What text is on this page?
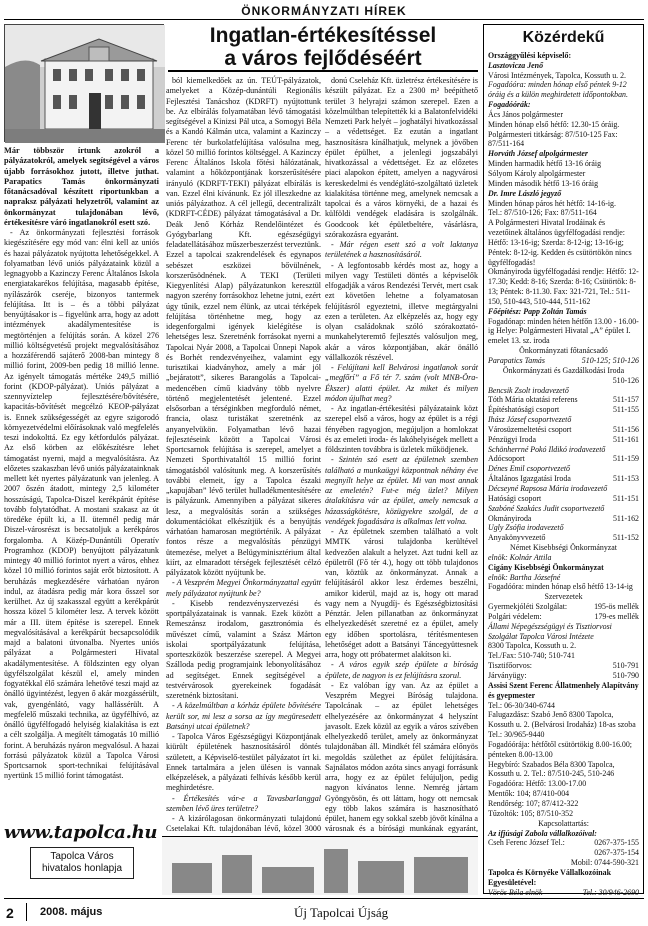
ÖNKORMÁNYZATI HÍREK
Ingatlan-értékesítéssel
a város fejlődéséért

Már többször írtunk azokról a pályázatokról, amelyek segítségével a város újabb forrásokhoz jutott, illetve juthat. Parapatics Tamás önkormányzati főtanácsadóval készített riportunkban a napraksz pályázati helyzetről, valamint az önkormányzat tulajdonában lévő, értékesítésre váró ingatlanokról esett szó.

- Az önkormányzati fejlesztési források kiegészítésére egy mód van: élni kell az uniós és hazai pályázatok nyújtotta lehetőségekkel. A folyamatban lévő uniós pályázataink közül a legnagyobb a Kazinczy Ferenc Általános Iskola energiatakarékos felújítása, magasabb építése, nyílászárók cseréje, bizonyos tantermek felújítása. Itt is – és a többi pályázat benyújtásakor is – figyelünk arra, hogy az adott intézmények akadálymentesítése is megtörténjen a felújítás során. A közel 276 millió költségvetésű projekt megvalósításához a hozzáférendő sajáterő 2008-ban mintegy 8 millió forint, 2009-ben pedig 18 millió lenne. Az igényelt támogatás mértéke 249,5 millió forint (KDOP-pályázat). Uniós pályázat a szennyvíztelep fejlesztésére/bővítésére, kapacitás-bővítését megcélzó KEOP-pályázat is. Ennek szükségességét az egyre szigorodó környezetvédelmi előírásoknak való megfelelés teszi indokolttá. Ez egy kétfordulós pályázat. Az első körben az előkészítésre lehet támogatást nyerni, majd a megvalósításra. Az előzetes szakaszban lévő uniós pályázatainknak mellett két nyertes pályázatunk van jelenleg. A 2007 őszén átadott, mintegy 2,5 kilométer hosszúságú, Tapolca-Diszel kerékpárút építése tovább folytatódhat. A mostani szakasz az út töredéke épült ki, a II. ütemnél pedig már Diszel-városrészt is becsatoljuk a kerékpáros forgalomba. A Közép-Dunántúli Operatív Programhoz (KDOP) benyújtott pályázatunk mintegy 40 millió forintot nyert a város, ehhez közel 10 millió forintos saját erőt biztosított. A beruházás megkezdésére várhatóan nyáron indul, az átadásra pedig már kora ősszel sor kerülhet. Az új szakasszal együtt a kerékpárút hossza közel 5 kilométer lesz. A tervek között már a III. ütem építése is szerepel. Ennek megvalósításával a kerékpárút becsapcsolódik majd a balatoni útvonalba. Nyertes uniós pályázat a Polgármesteri Hivatal akadálymentesítése. A földszinten egy olyan ügyfélszolgálat készül el, amely minden fogyatékkal élő számára lehetővé teszi majd az önálló ügyintézést, legyen ő akár mozgássérült, vak, gyengénlátó, vagy hallássérült. A megfelelő műszaki technika, az ügyfélhívó, az önálló ügyfélfogadó helyiség kialakítása is ezt a célt szolgálja. A megítélt támogatás 10 millió forint. A beruházás nyáron megvalósul. A hazai forrású pályázatok közül a Tapolca Városi Sportcsarnok sport-technikai felújításával nyertünk 15 millió forint támogatást.

ból kiemelkedőek az ún. TEÚT-pályázatok, amelyeket a Közép-dunántúli Regionális Fejlesztési Tanácshoz (KDRFT) nyújtottunk be. Az elbírálás folyamatában lévő támogatási segítségével a Kinizsi Pál utca, a Somogyi Béla és a Kandó Kálmán utca, valamint a Kazinczy Ferenc tér burkolatfelújítása valósulna meg, közel 50 millió forintos költséggel. A Kazinczy Ferenc Általános Iskola főtési hálózatának, valamint a hőközpontjának korszerűsítésére irányuló (KDRFT-TEKI) pályázat elbírálás is van. Ezzel élni kívánunk. Ez jól illeszkedne az uniós pályázathoz. A cél jellegű, decentralizált (KDRFT-CÉDE) pályázat támogatásával a Dr. Deák Jenő Kórház Rendelőintézet és Gyógybarlang Kft. egészségügyi feladatellátásához műszerbeszerzést terveztünk. Ezzel a tapolcai szakrendelések és egynapos sebészet eszközei bővülnének, korszerűsödnének. A TEKI (Területi Kiegyenlítési Alap) pályázatunkon keresztül nagyon szerény forrásokhoz lehetne jutni, ezért úgy tűnik, ezzel nem élünk, az utcai térképek felújítása történhetne meg, hogy az idegenforgalmi igények kielégítése is lehetséges lesz. Szeretnénk forrásokat nyerni a Tapolcai Nyár 2008, a Tapolcai Ünnepi Napok és Borhét rendezvényeihez, valamint egy turisztikai kiadványhoz, amely a már jól „bejáratott”, sikeres Barangolás a Tapolcai-medencében című kiadvány több nyelvre történő megjelentetését jelentené. Ezzel elsősorban a térséginkben megforduló német, francia, olasz turistákat szeretnénk az anyanyelvükön. Folyamatban lévő hazai fejlesztéseink között a Tapolcai Városi Sportcsarnok felújítása is szerepel, amelyet a Nemzeti Sporthivataltól 15 millió forint támogatásból valósítunk meg. A korszerűsítés további elemeit, így a Tapolca északi „kapujában” lévő terület hulladékmentesítésére is pályázunk. Amennyiben a pályázat sikeres lesz, a megvalósítás során a szükséges dokumentációkat elkészítjük és a benyújtás várhatóan hamarosan megtörténik. A pályázat fontos része a megvalósítás pénzügyi ütemezése, melyet a Belügyminisztérium által kiírt, az elmaradott térségek fejlesztését célzó pályázatok között nyújtunk be.

- A Veszprém Megyei Önkormányzattal együtt mely pályázatot nyújtunk be?

- Kisebb rendezvényszervezési és sportpályázatainak is vannak. Ezek között a Remeszánsz irodalom, gasztronómia és művészet című, valamint a Szász Márton iskolai sportpályázatunk felújítása, sporteszközök beszerzése szerepel. A Megyei Szálloda pedig programjaink lebonyolításához ad segítséget. Ennek segítségével a testvérvárosok gyerekeinek fogadását szeretnénk biztosítani.

- A közelmúltban a kórház épülete bővítésére került sor, mi lesz a sorsa az így megüresedett Batsányi utcai épületnek?

- Tapolca Város Egészségügyi Központjának kiürült épületének hasznosításáról döntés született, a Képviselő-testület pályázatot írt ki. Ennek tartalmára a jelen ülésen is vannak elképzelések, a pályázati felhívás később kerül meghirdetésre.

- Értékesítés vár-e a Tavasbarlanggal szemben lévő üres területre?

- A kizárólagosan önkormányzati tulajdonú Csetelakai Kft. tulajdonában lévő, közel 3000

donú Cseleház Kft. üzletrész értékesítésére is készült pályázat. Ez a 2300 m² beépíthető terület 3 helyrajzi számon szerepel. Ezen a közelmúltban telepítették ki a Balatonfelvidéki Nemzeti Park helyét – joghatályi hivatkozással – a védettséget. Ez ezután a ingatlant hasznosításra kínálhatjuk, melynek a jövőben épület épülhet, a jelenlegi jogszabályi hivatkozással a védettséget. Ez az előzetes piaci alapokon épített, amelyen a nagyvárosi kereskedelmi és vendéglátó-szolgáltató üzletek kialakítása történne meg, amelynek nemcsak a tapolcai és a város környéki, de a hazai és külföldi vendégek eladására is szolgálnák. Goodcook két épületbeltére, vásárlásra, szórakozásra egyaránt.

- Már régen esett szó a volt laktanya területének a hasznosításáról.

- A legfontosabb kérdés most az, hogy a milyen vagy Testületi döntés a képviselők elfogadják a város Rendezési Tervét, mert csak ezt követően lehetne a folyamatosan felújításról egyeztetni, illetve megtárgyalni ezen a területen. Az elképzelés az, hogy egy olyan családoknak szóló szórakoztató-munkahelyteremtő fejlesztés valósuljon meg, akár a város központjában, akár önálló vállalkozók részével.

- Felújítani kell Belvárosi ingatlanok sorát „megfőrí” a Fő tér 7. szám (volt MNB-Öra-Ékszer) alatti épület. Az miket és milyen módon újulhat meg?

- Az ingatlan-értékesítési pályázataink közt szerepel első a város, hogy az épület is a régi fényében ragyogjon, megújuljon a homlokzat és az emeleti iroda- és lakóhelyiségek mellett a földszinten továbbra is üzletek működjenek.

- Szintén szó esett az épületnek szemben található a munkaügyi központnak néhány éve megnyílt helye az épület. Mi van most annak az emeletén? Fut-e még üzlet? Milyen átalakításra vár az épület, amely nemcsak a házasságkötésre, közügyekre szolgál, de a vendégek fogadására is alkalmas lett volna.

- Az épületnek szemben található a volt MMTK városi tulajdonba kerültével kedvezően alakult a helyzet. Azt tudni kell az épületről (Fő tér 4.), hogy ott több tulajdonos van, köztük az önkormányzat. Annak a felújításáról akkor lesz érdemes beszélni, amikor kiderül, majd az is, hogy ott marad vagy nem a Nyugdíj- és Egészségbiztosítási Pénztár. Jelen pillanatban az önkormányzat elhelyezkedését szeretné ez a épület, amely egy időben sportolásra, térítésmentesen lehetőséget adott a Batsányi Táncegyüttesnek arra, hogy ott próbatermet alakítson ki.

- A város egyik szép épülete a bíróság épülete, de nagyon is ez felújításra szorul.

- Ez valóban így van. Az az épület a Veszprém Megyei Bíróság tulajdona. Tapolcának – az épület lehetséges elhelyezésére az önkormányzat 4 helyszínt javasolt. Ezek közül az egyik a város szívében elhelyezkedő terület, amely az önkormányzat tulajdonában áll. Mindkét fél számára előnyös megoldás születhet az épület felújítására. Sajnálatos módon azóta sincs anyagi forrásunk arra, hogy ez az épület felújuljon, pedig nagyon kívánatos lenne. Nemrég jártam Gyöngyösön, és ott láttam, hogy ott nemcsak egy több lakos számára is hasznosítható épület, hanem egy sokkal szebb jövőt kínálna a városnak és a bírósági munkának egyaránt,

www.tapolca.hu
Tapolca Város hivatalos honlapja
Közérdekű
Országgyűlési képviselő:
Lasztovicza Jenő
Városi Intézmények, Tapolca, Kossuth u. 2.
Fogadóóra: minden hónap első péntek 9-12 óráig és a külön meghirdetett időpontokban.
Fogadóórák:
Ács János polgármester
Minden hónap első hétfő: 12.30-15 óráig.
Polgármesteri titkárság: 87/510-125 Fax: 87/511-164
Horváth József alpolgármester
Minden harmadik hétfő 13-16 óráig
Sólyom Károly alpolgármester
Minden második hétfő 13-16 óráig
Dr. Imre László jegyző
Minden hónap páros hét hétfő: 14-16-ig.
Tel.: 87/510-126; Fax: 87/511-164
A Polgármesteri Hivatal Irodáinak és vezetőinek általános ügyfélfogadási rendje: Hétfő: 13-16-ig; Szerda: 8-12-ig; 13-16-ig; Péntek: 8-12-ig. Kedden és csütörtökön nincs ügyfélfogadás!
Okmányiroda ügyfélfogadási rendje: Hétfő: 12-17.30; Kedd: 8-16; Szerda: 8-16; Csütörtök: 8-13; Péntek: 8-11.30. Fax: 321-721, Tel.: 511-150, 510-443, 510-444, 511-162
Főépítész: Papp Zoltán Tamás
Fogadónap: minden héten hétfőn 13.00 - 16.00-ig Helye: Polgármesteri Hivatal „A” épület I. emelet 13. sz. iroda
Önkormányzati főtanácsadó
Parapatics Tamás	510-125; 510-126
Önkormányzati és Gazdálkodási Iroda
510-126
Bencsik Zsolt irodavezető
Tóth Mária oktatási referens	511-157
Építéshatósági csoport	511-155
Ihász József csoportvezető
Városüzemeltetési csoport	511-156
Pénzügyi Iroda	511-161
Schönherrné Pokó Ildikó irodavezető
Adócsoport	511-159
Dénes Emil csoportvezető
Általános Igazgatási Iroda	511-153
Décseyné Rapsosa Mária irodavezető
Hatósági csoport	511-151
Szabóné Szakács Judit csoportvezető
Okmányiroda	511-162
Ugly Zsófia irodavezető
Anyakönyvvezető	511-152
Német Kisebbségi Önkormányzat
elnök: Kolnár Attila
Cigány Kisebbségi Önkormányzat
elnök: Bartha Józsefné
Fogadóóra: minden hónap első hétfő 13-14-ig
Szervezetek
Gyermekjóléti Szolgálat:	195-ös mellék
Polgári védelem:	179-es mellék
Állami Népegészségügyi és Tisztiorvosi Szolgálat Tapolca Városi Intézete
8300 Tapolca, Kossuth u. 2.
Tel./Fax: 510-740; 510-741
Tisztifőorvos:	510-791
Járványügy:	510-790
Assisi Szent Ferenc Állatmenhely Alapítvány és gyepmester
Tel.: 06-30/340-6744
Falugazdász: Szabó Jenő 8300 Tapolca, Kossuth u. 2. (Belvárosi Irodaház) 18-as szoba Tel.: 30/965-9440
Fogadóórája: hétfőtől csütörtökig 8.00-16.00; pénteken 8.00-13.00
Hegybíró: Szabados Béla 8300 Tapolca, Kossuth u. 2. Tel.: 87/510-245, 510-246
Fogadóóra: Hétfő: 13.00-17.00
Mentők: 104; 87/410-004
Rendőrség: 107; 87/412-322
Tűzoltók: 105; 87/510-352
Kapcsolattartás:
Az ifjúsági Zabola vállalkozóival:
Cseh Ferenc József Tel.:	0267-375-155
0267-375-154
Mobil: 0744-590-321
Tapolca és Környéke Vállalkozóinak Egyesületével:
Vörös Béla elnök	Tel.: 30/946-2690
2 2008. május	Új Tapolcai Újság
